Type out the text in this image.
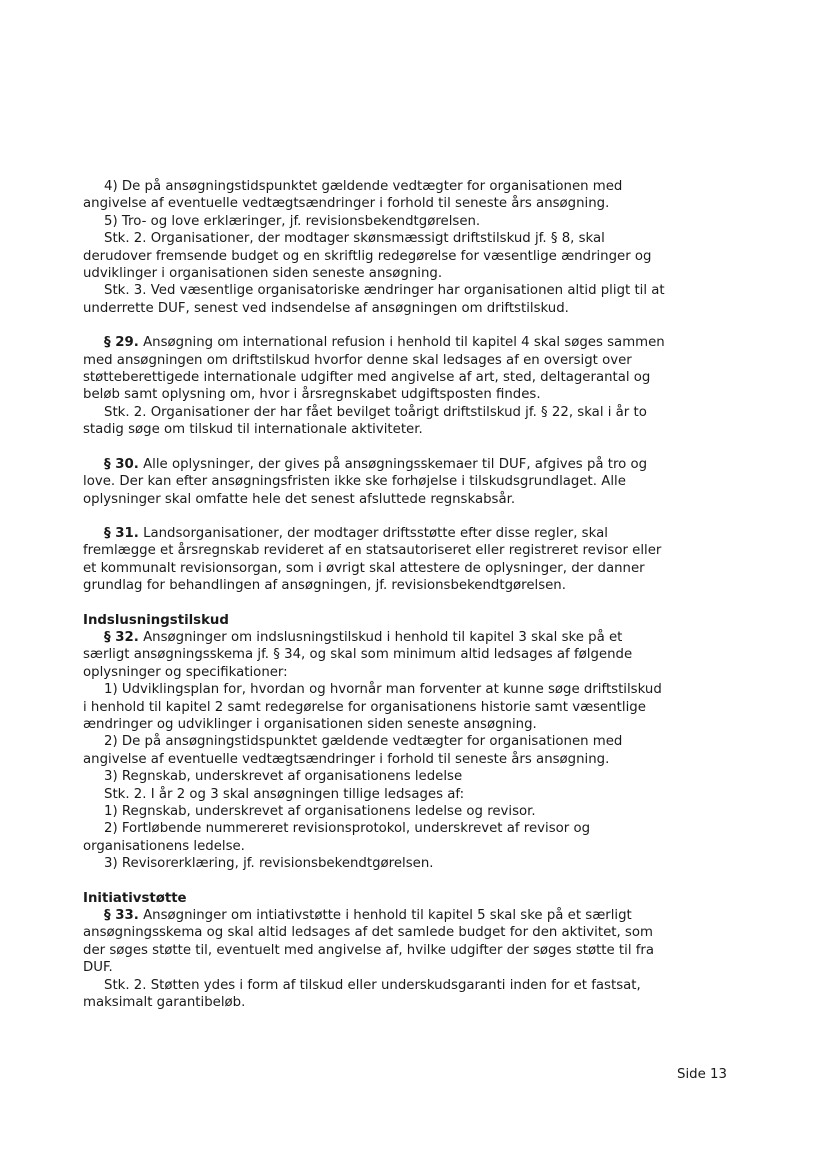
4) De på ansøgningstidspunktet gældende vedtægter for organisationen med angivelse af eventuelle vedtægtsændringer i forhold til seneste års ansøgning.

5) Tro- og love erklæringer, jf. revisionsbekendtgørelsen.

Stk. 2. Organisationer, der modtager skønsmæssigt driftstilskud jf. § 8, skal derudover fremsende budget og en skriftlig redegørelse for væsentlige ændringer og udviklinger i organisationen siden seneste ansøgning.

Stk. 3. Ved væsentlige organisatoriske ændringer har organisationen altid pligt til at underrette DUF, senest ved indsendelse af ansøgningen om driftstilskud.

§ 29. Ansøgning om international refusion i henhold til kapitel 4 skal søges sammen med ansøgningen om driftstilskud hvorfor denne skal ledsages af en oversigt over støtteberettigede internationale udgifter med angivelse af art, sted, deltagerantal og beløb samt oplysning om, hvor i årsregnskabet udgiftsposten findes.

Stk. 2. Organisationer der har fået bevilget toårigt driftstilskud jf. § 22, skal i år to stadig søge om tilskud til internationale aktiviteter.

§ 30. Alle oplysninger, der gives på ansøgningsskemaer til DUF, afgives på tro og love. Der kan efter ansøgningsfristen ikke ske forhøjelse i tilskudsgrundlaget. Alle oplysninger skal omfatte hele det senest afsluttede regnskabsår.

§ 31. Landsorganisationer, der modtager driftsstøtte efter disse regler, skal fremlægge et årsregnskab revideret af en statsautoriseret eller registreret revisor eller et kommunalt revisionsorgan, som i øvrigt skal attestere de oplysninger, der danner grundlag for behandlingen af ansøgningen, jf. revisionsbekendtgørelsen.

Indslusningstilskud

§ 32. Ansøgninger om indslusningstilskud i henhold til kapitel 3 skal ske på et særligt ansøgningsskema jf. § 34, og skal som minimum altid ledsages af følgende oplysninger og specifikationer:

1) Udviklingsplan for, hvordan og hvornår man forventer at kunne søge driftstilskud i henhold til kapitel 2 samt redegørelse for organisationens historie samt væsentlige ændringer og udviklinger i organisationen siden seneste ansøgning.

2) De på ansøgningstidspunktet gældende vedtægter for organisationen med angivelse af eventuelle vedtægtsændringer i forhold til seneste års ansøgning.

3) Regnskab, underskrevet af organisationens ledelse

Stk. 2. I år 2 og 3 skal ansøgningen tillige ledsages af:

1) Regnskab, underskrevet af organisationens ledelse og revisor.

2) Fortløbende nummereret revisionsprotokol, underskrevet af revisor og organisationens ledelse.

3) Revisorerklæring, jf. revisionsbekendtgørelsen.

Initiativstøtte

§ 33. Ansøgninger om intiativstøtte i henhold til kapitel 5 skal ske på et særligt ansøgningsskema og skal altid ledsages af det samlede budget for den aktivitet, som der søges støtte til, eventuelt med angivelse af, hvilke udgifter der søges støtte til fra DUF.

Stk. 2. Støtten ydes i form af tilskud eller underskudsgaranti inden for et fastsat, maksimalt garantibeløb.

Side 13
